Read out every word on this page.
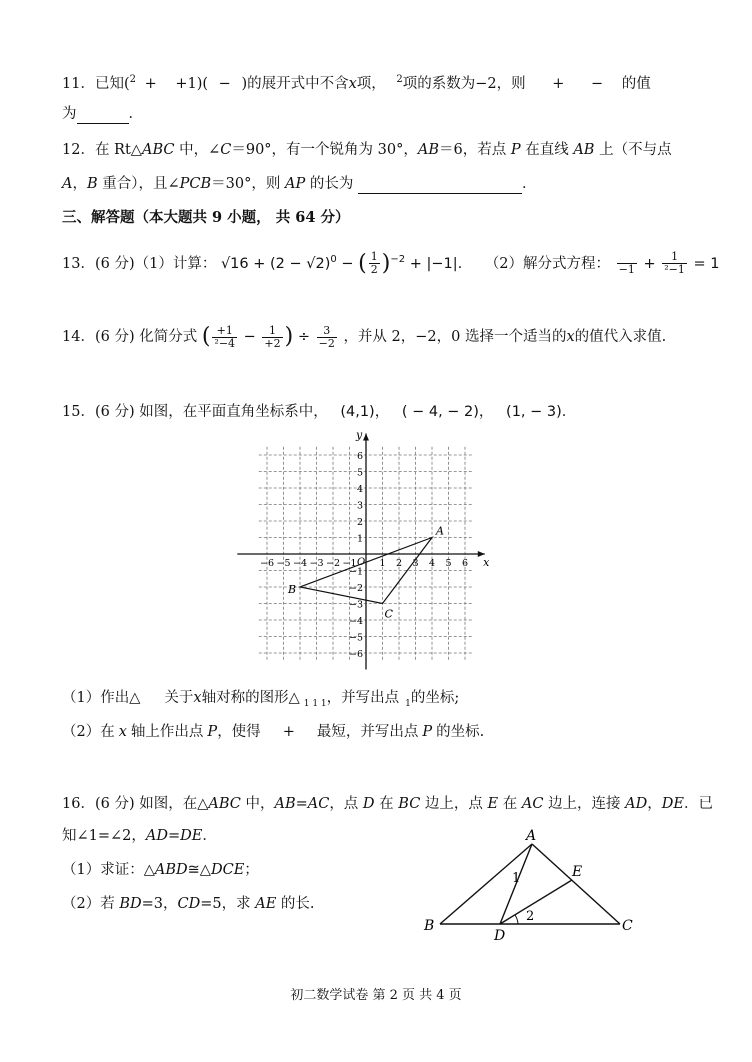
11．已知($^2$ + +1)( − )的展开式中不含x项， $^2$项的系数为−2，则 + − 的值
为	．
12．在 Rt△ABC 中，∠C＝90°，有一个锐角为 30°，AB＝6，若点 P 在直线 AB 上（不与点
A，B 重合），且∠PCB＝30°，则 AP 的长为	．
三、解答题（本大题共 9 小题， 共 64 分）
13．(6 分)（1）计算： $√16 + (2 - √2)^0$ − ( $\frac{1}{2} )^{-2} + |-1|$. （2）解分式方程：
$-1 + \frac{1}{\text{²−1}} = 1$
14．(6 分) 化简分式 ( $\frac{+1}{\text{²−4}} - \frac{1}{+2}$ ) ÷ $\frac{3}{-2}$ ，并从 2，−2，0 选择一个适当的x的值代入求值.
15．(6 分) 如图，在平面直角坐标系中， (4,1)， ( − 4, − 2)， (1, − 3)．
x
y
O
−6 −5 −4 −3 −2 −1 1 2 3 4 5 6
6
5
4
3
2
1
−1
−2
−3
−4
−5
−6
A
B
C
（1）作出△ 关于x轴对称的图形△ $_{1 1 1}$，并写出点 $_1$的坐标;
（2）在 x 轴上作出点 P，使得 + 最短，并写出点 P 的坐标.
16．(6 分) 如图，在△ABC 中，AB=AC，点 D 在 BC 边上，点 E 在 AC 边上，连接 AD，DE．已
知∠1=∠2，AD=DE．
（1）求证：△ABD≅△DCE；
（2）若 BD=3，CD=5，求 AE 的长.
A
B	C
D
E
1
2
初二数学试卷 第 2 页 共 4 页
